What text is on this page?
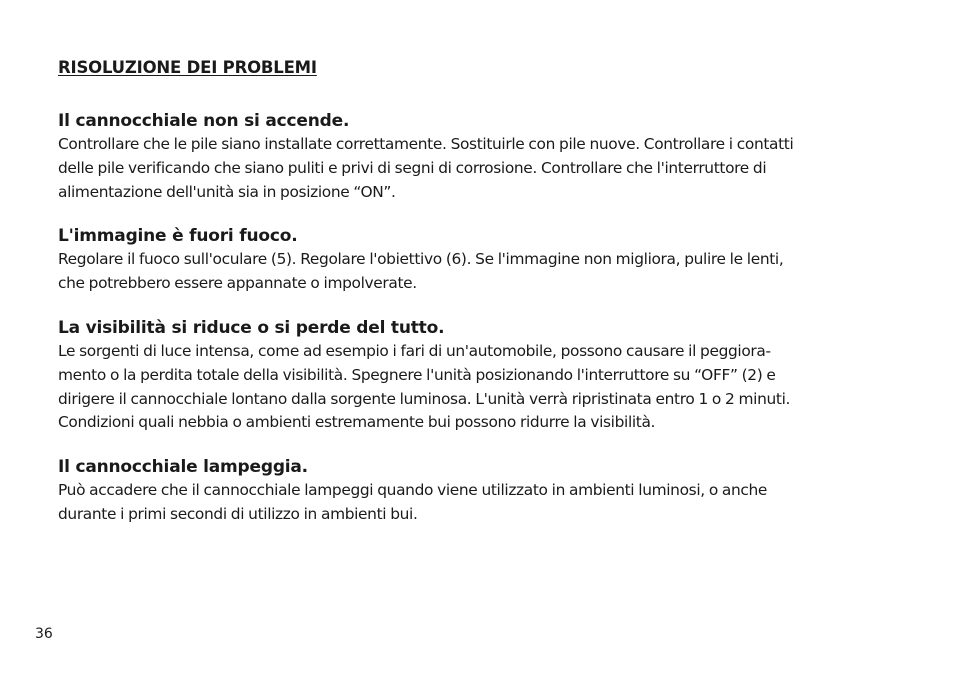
RISOLUZIONE DEI PROBLEMI
Il cannocchiale non si accende.

Controllare che le pile siano installate correttamente. Sostituirle con pile nuove. Controllare i contatti
delle pile verificando che siano puliti e privi di segni di corrosione. Controllare che l'interruttore di
alimentazione dell'unità sia in posizione “ON”.

L'immagine è fuori fuoco.

Regolare il fuoco sull'oculare (5). Regolare l'obiettivo (6). Se l'immagine non migliora, pulire le lenti,
che potrebbero essere appannate o impolverate.

La visibilità si riduce o si perde del tutto.

Le sorgenti di luce intensa, come ad esempio i fari di un'automobile, possono causare il peggiora-
mento o la perdita totale della visibilità. Spegnere l'unità posizionando l'interruttore su “OFF” (2) e
dirigere il cannocchiale lontano dalla sorgente luminosa. L'unità verrà ripristinata entro 1 o 2 minuti.
Condizioni quali nebbia o ambienti estremamente bui possono ridurre la visibilità.

Il cannocchiale lampeggia.

Può accadere che il cannocchiale lampeggi quando viene utilizzato in ambienti luminosi, o anche
durante i primi secondi di utilizzo in ambienti bui.

36
